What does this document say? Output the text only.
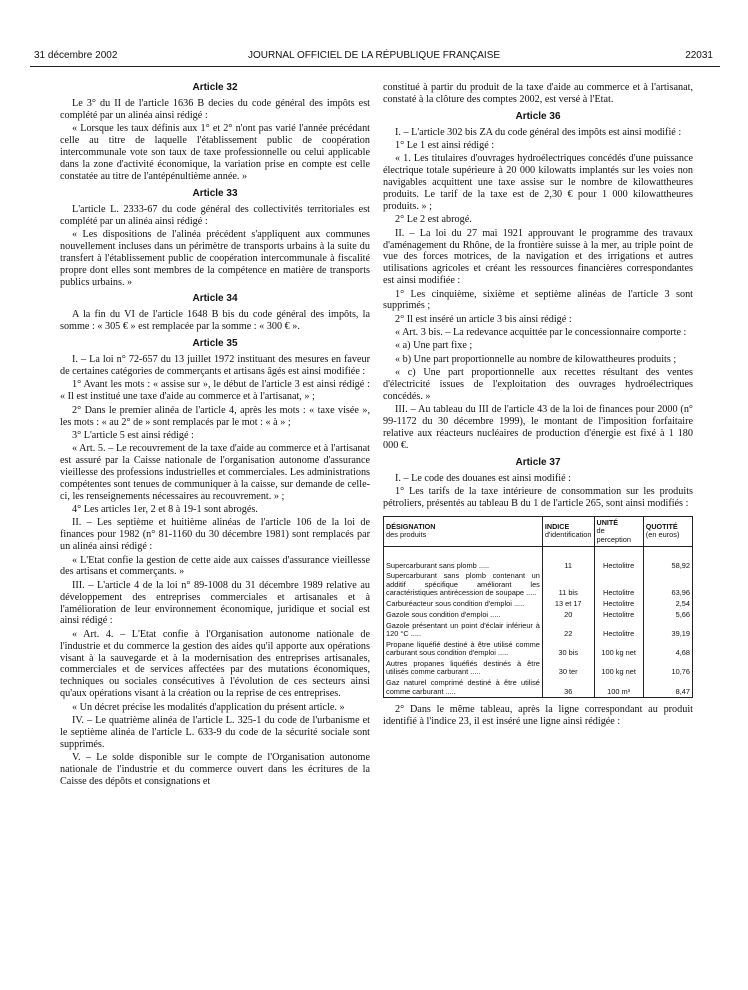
31 décembre 2002	JOURNAL OFFICIEL DE LA RÉPUBLIQUE FRANÇAISE	22031
Article 32

Le 3° du II de l'article 1636 B decies du code général des impôts est complété par un alinéa ainsi rédigé :

« Lorsque les taux définis aux 1° et 2° n'ont pas varié l'année précédant celle au titre de laquelle l'établissement public de coopération intercommunale vote son taux de taxe professionnelle ou celui applicable dans la zone d'activité économique, la variation prise en compte est celle constatée au titre de l'antépénultième année. »

Article 33

L'article L. 2333-67 du code général des collectivités territoriales est complété par un alinéa ainsi rédigé :

« Les dispositions de l'alinéa précédent s'appliquent aux communes nouvellement incluses dans un périmètre de transports urbains à la suite du transfert à l'établissement public de coopération intercommunale à fiscalité propre dont elles sont membres de la compétence en matière de transports publics urbains. »

Article 34

A la fin du VI de l'article 1648 B bis du code général des impôts, la somme : « 305 € » est remplacée par la somme : « 300 € ».

Article 35

I. – La loi n° 72-657 du 13 juillet 1972 instituant des mesures en faveur de certaines catégories de commerçants et artisans âgés est ainsi modifiée :

1° Avant les mots : « assise sur », le début de l'article 3 est ainsi rédigé : « Il est institué une taxe d'aide au commerce et à l'artisanat, » ;

2° Dans le premier alinéa de l'article 4, après les mots : « taxe visée », les mots : « au 2° de » sont remplacés par le mot : « à » ;

3° L'article 5 est ainsi rédigé :

« Art. 5. – Le recouvrement de la taxe d'aide au commerce et à l'artisanat est assuré par la Caisse nationale de l'organisation autonome d'assurance vieillesse des professions industrielles et commerciales. Les administrations compétentes sont tenues de communiquer à la caisse, sur demande de celle-ci, les renseignements nécessaires au recouvrement. » ;

4° Les articles 1er, 2 et 8 à 19-1 sont abrogés.

II. – Les septième et huitième alinéas de l'article 106 de la loi de finances pour 1982 (n° 81-1160 du 30 décembre 1981) sont remplacés par un alinéa ainsi rédigé :

« L'Etat confie la gestion de cette aide aux caisses d'assurance vieillesse des artisans et commerçants. »

III. – L'article 4 de la loi n° 89-1008 du 31 décembre 1989 relative au développement des entreprises commerciales et artisanales et à l'amélioration de leur environnement économique, juridique et social est ainsi rédigé :

« Art. 4. – L'Etat confie à l'Organisation autonome nationale de l'industrie et du commerce la gestion des aides qu'il apporte aux opérations visant à la sauvegarde et à la modernisation des entreprises artisanales, commerciales et de services affectées par des mutations économiques, techniques ou sociales consécutives à l'évolution de ces secteurs ainsi qu'aux opérations visant à la création ou la reprise de ces entreprises.

« Un décret précise les modalités d'application du présent article. »

IV. – Le quatrième alinéa de l'article L. 325-1 du code de l'urbanisme et le septième alinéa de l'article L. 633-9 du code de la sécurité sociale sont supprimés.

V. – Le solde disponible sur le compte de l'Organisation autonome nationale de l'industrie et du commerce ouvert dans les écritures de la Caisse des dépôts et consignations et

constitué à partir du produit de la taxe d'aide au commerce et à l'artisanat, constaté à la clôture des comptes 2002, est versé à l'Etat.

Article 36

I. – L'article 302 bis ZA du code général des impôts est ainsi modifié :

1° Le 1 est ainsi rédigé :

« 1. Les titulaires d'ouvrages hydroélectriques concédés d'une puissance électrique totale supérieure à 20 000 kilowatts implantés sur les voies non navigables acquittent une taxe assise sur le nombre de kilowattheures produits. Le tarif de la taxe est de 2,30 € pour 1 000 kilowattheures produits. » ;

2° Le 2 est abrogé.

II. – La loi du 27 mai 1921 approuvant le programme des travaux d'aménagement du Rhône, de la frontière suisse à la mer, au triple point de vue des forces motrices, de la navigation et des irrigations et autres utilisations agricoles et créant les ressources financières correspondantes est ainsi modifiée :

1° Les cinquième, sixième et septième alinéas de l'article 3 sont supprimés ;

2° Il est inséré un article 3 bis ainsi rédigé :

« Art. 3 bis. – La redevance acquittée par le concessionnaire comporte :

« a) Une part fixe ;

« b) Une part proportionnelle au nombre de kilowattheures produits ;

« c) Une part proportionnelle aux recettes résultant des ventes d'électricité issues de l'exploitation des ouvrages hydroélectriques concédés. »

III. – Au tableau du III de l'article 43 de la loi de finances pour 2000 (n° 99-1172 du 30 décembre 1999), le montant de l'imposition forfaitaire relative aux réacteurs nucléaires de production d'énergie est fixé à 1 180 000 €.

Article 37

I. – Le code des douanes est ainsi modifié :

1° Les tarifs de la taxe intérieure de consommation sur les produits pétroliers, présentés au tableau B du 1 de l'article 265, sont ainsi modifiés :

DÉSIGNATION
des produits	INDICE
d'identification	UNITÉ
de
perception	QUOTITÉ
(en euros)

Supercarburant sans plomb .....	11	Hectolitre	58,92
Supercarburant sans plomb contenant un additif spécifique améliorant les caractéristiques antirécession de soupape .....	11 bis	Hectolitre	63,96
Carburéacteur sous condition d'emploi .....	13 et 17	Hectolitre	2,54
Gazole sous condition d'emploi .....	20	Hectolitre	5,66
Gazole présentant un point d'éclair inférieur à 120 °C .....	22	Hectolitre	39,19
Propane liquéfié destiné à être utilisé comme carburant sous condition d'emploi .....	30 bis	100 kg net	4,68
Autres propanes liquéfiés destinés à être utilisés comme carburant .....	30 ter	100 kg net	10,76
Gaz naturel comprimé destiné à être utilisé comme carburant .....	36	100 m³	8,47

2° Dans le même tableau, après la ligne correspondant au produit identifié à l'indice 23, il est inséré une ligne ainsi rédigée :
